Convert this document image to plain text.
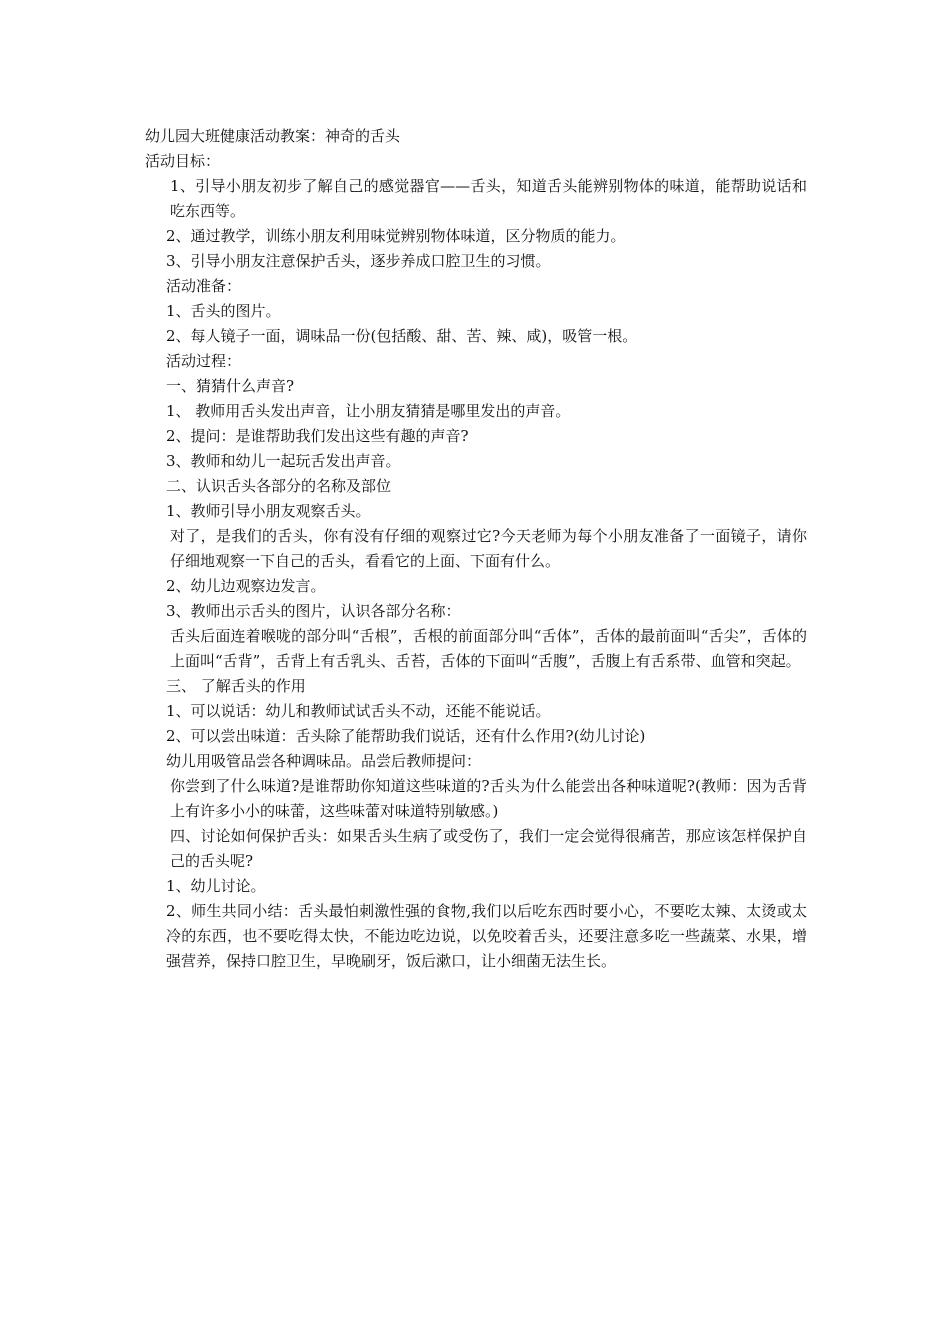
幼儿园大班健康活动教案：神奇的舌头
活动目标：
1、引导小朋友初步了解自己的感觉器官——舌头，知道舌头能辨别物体的味道，能帮助说话和吃东西等。
2、通过教学，训练小朋友利用味觉辨别物体味道，区分物质的能力。
3、引导小朋友注意保护舌头，逐步养成口腔卫生的习惯。
活动准备：
1、舌头的图片。
2、每人镜子一面，调味品一份(包括酸、甜、苦、辣、咸)，吸管一根。
活动过程：
一、猜猜什么声音?
1、 教师用舌头发出声音，让小朋友猜猜是哪里发出的声音。
2、提问：是谁帮助我们发出这些有趣的声音?
3、教师和幼儿一起玩舌发出声音。
二、认识舌头各部分的名称及部位
1、教师引导小朋友观察舌头。
对了，是我们的舌头，你有没有仔细的观察过它?今天老师为每个小朋友准备了一面镜子，请你仔细地观察一下自己的舌头，看看它的上面、下面有什么。
2、幼儿边观察边发言。
3、教师出示舌头的图片，认识各部分名称：
舌头后面连着喉咙的部分叫“舌根”，舌根的前面部分叫“舌体”，舌体的最前面叫“舌尖”，舌体的上面叫“舌背”，舌背上有舌乳头、舌苔，舌体的下面叫“舌腹”，舌腹上有舌系带、血管和突起。
三、 了解舌头的作用
1、可以说话：幼儿和教师试试舌头不动，还能不能说话。
2、可以尝出味道：舌头除了能帮助我们说话，还有什么作用?(幼儿讨论)
幼儿用吸管品尝各种调味品。品尝后教师提问：
你尝到了什么味道?是谁帮助你知道这些味道的?舌头为什么能尝出各种味道呢?(教师：因为舌背上有许多小小的味蕾，这些味蕾对味道特别敏感。)
四、讨论如何保护舌头：如果舌头生病了或受伤了，我们一定会觉得很痛苦，那应该怎样保护自己的舌头呢?
1、幼儿讨论。
2、师生共同小结：舌头最怕刺激性强的食物,我们以后吃东西时要小心，不要吃太辣、太烫或太冷的东西，也不要吃得太快，不能边吃边说，以免咬着舌头，还要注意多吃一些蔬菜、水果，增强营养，保持口腔卫生，早晚刷牙，饭后漱口，让小细菌无法生长。
